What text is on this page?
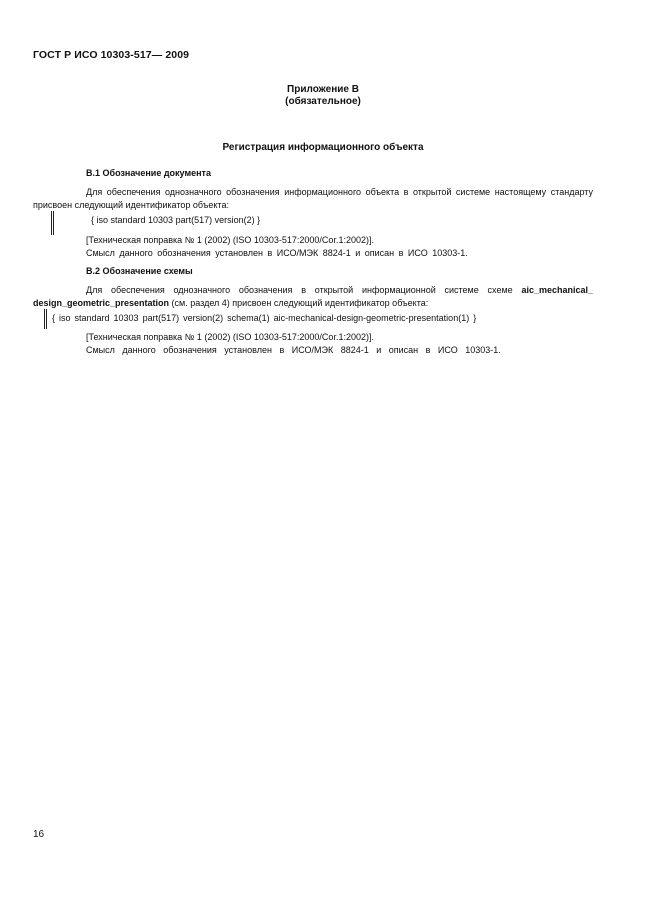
ГОСТ Р ИСО 10303-517— 2009
Приложение В
(обязательное)
Регистрация информационного объекта
В.1 Обозначение документа
Для обеспечения однозначного обозначения информационного объекта в открытой системе настоящему стандарту присвоен следующий идентификатор объекта:
{ iso standard 10303 part(517) version(2) }
[Техническая поправка № 1 (2002) (ISO 10303-517:2000/Cor.1:2002)].
Смысл данного обозначения установлен в ИСО/МЭК 8824-1 и описан в ИСО 10303-1.
В.2 Обозначение схемы
Для обеспечения однозначного обозначения в открытой информационной системе схеме aic_mechanical_ design_geometric_presentation (см. раздел 4) присвоен следующий идентификатор объекта:
{ iso standard 10303 part(517) version(2) schema(1) aic-mechanical-design-geometric-presentation(1) }
[Техническая поправка № 1 (2002) (ISO 10303-517:2000/Cor.1:2002)].
Смысл данного обозначения установлен в ИСО/МЭК 8824-1 и описан в ИСО 10303-1.
16
